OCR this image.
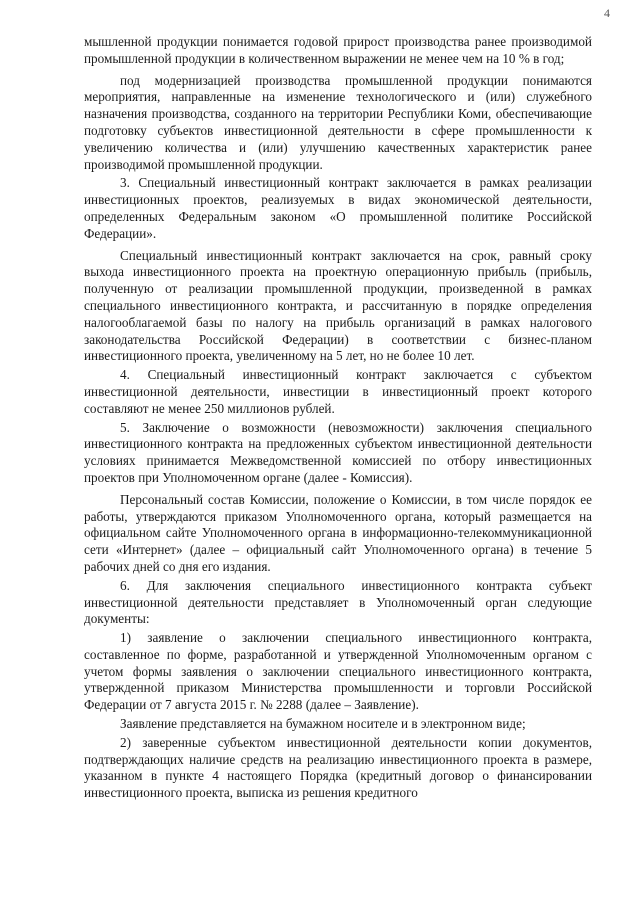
4

мышленной продукции понимается годовой прирост производства ранее производимой промышленной продукции в количественном выражении не менее чем на 10 % в год;

под модернизацией производства промышленной продукции понимаются мероприятия, направленные на изменение технологического и (или) служебного назначения производства, созданного на территории Республики Коми, обеспечивающие подготовку субъектов инвестиционной деятельности в сфере промышленности к увеличению количества и (или) улучшению качественных характеристик ранее производимой промышленной продукции.

3. Специальный инвестиционный контракт заключается в рамках реализации инвестиционных проектов, реализуемых в видах экономической деятельности, определенных Федеральным законом «О промышленной политике Российской Федерации».

Специальный инвестиционный контракт заключается на срок, равный сроку выхода инвестиционного проекта на проектную операционную прибыль (прибыль, полученную от реализации промышленной продукции, произведенной в рамках специального инвестиционного контракта, и рассчитанную в порядке определения налогооблагаемой базы по налогу на прибыль организаций в рамках налогового законодательства Российской Федерации) в соответствии с бизнес-планом инвестиционного проекта, увеличенному на 5 лет, но не более 10 лет.

4. Специальный инвестиционный контракт заключается с субъектом инвестиционной деятельности, инвестиции в инвестиционный проект которого составляют не менее 250 миллионов рублей.

5. Заключение о возможности (невозможности) заключения специального инвестиционного контракта на предложенных субъектом инвестиционной деятельности условиях принимается Межведомственной комиссией по отбору инвестиционных проектов при Уполномоченном органе (далее - Комиссия).

Персональный состав Комиссии, положение о Комиссии, в том числе порядок ее работы, утверждаются приказом Уполномоченного органа, который размещается на официальном сайте Уполномоченного органа в информационно-телекоммуникационной сети «Интернет» (далее – официальный сайт Уполномоченного органа) в течение 5 рабочих дней со дня его издания.

6. Для заключения специального инвестиционного контракта субъект инвестиционной деятельности представляет в Уполномоченный орган следующие документы:

1) заявление о заключении специального инвестиционного контракта, составленное по форме, разработанной и утвержденной Уполномоченным органом с учетом формы заявления о заключении специального инвестиционного контракта, утвержденной приказом Министерства промышленности и торговли Российской Федерации от 7 августа 2015 г. № 2288 (далее – Заявление).

Заявление представляется на бумажном носителе и в электронном виде;

2) заверенные субъектом инвестиционной деятельности копии документов, подтверждающих наличие средств на реализацию инвестиционного проекта в размере, указанном в пункте 4 настоящего Порядка (кредитный договор о финансировании инвестиционного проекта, выписка из решения кредитного
